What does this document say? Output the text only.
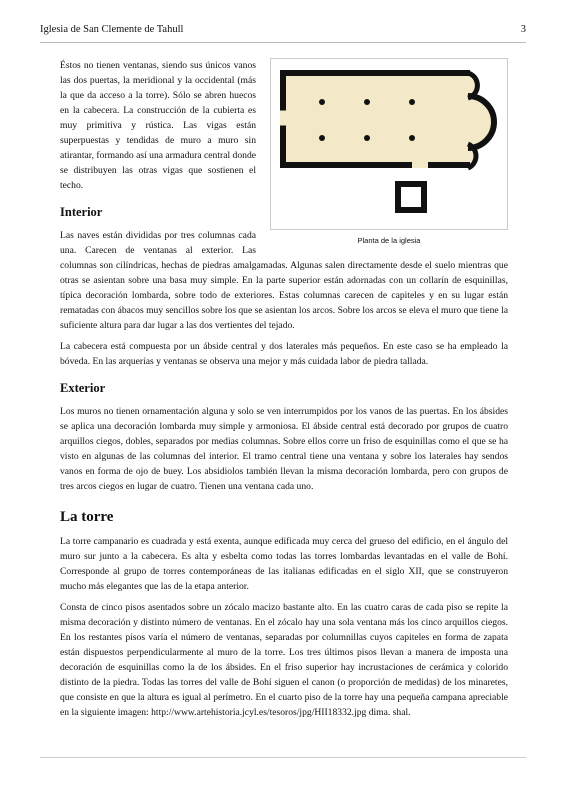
Iglesia de San Clemente de Tahull	3
Planta de la iglesia

Éstos no tienen ventanas, siendo sus únicos vanos las dos puertas, la meridional y la occidental (más la que da acceso a la torre). Sólo se abren huecos en la cabecera. La construcción de la cubierta es muy primitiva y rústica. Las vigas están superpuestas y tendidas de muro a muro sin atirantar, formando así una armadura central donde se distribuyen las otras vigas que sostienen el techo.

Interior

Las naves están divididas por tres columnas cada una. Carecen de ventanas al exterior. Las columnas son cilíndricas, hechas de piedras amalgamadas. Algunas salen directamente desde el suelo mientras que otras se asientan sobre una basa muy simple. En la parte superior están adornadas con un collarín de esquinillas, típica decoración lombarda, sobre todo de exteriores. Estas columnas carecen de capiteles y en su lugar están rematadas con ábacos muy sencillos sobre los que se asientan los arcos. Sobre los arcos se eleva el muro que tiene la suficiente altura para dar lugar a las dos vertientes del tejado.

La cabecera está compuesta por un ábside central y dos laterales más pequeños. En este caso se ha empleado la bóveda. En las arquerías y ventanas se observa una mejor y más cuidada labor de piedra tallada.

Exterior

Los muros no tienen ornamentación alguna y solo se ven interrumpidos por los vanos de las puertas. En los ábsides se aplica una decoración lombarda muy simple y armoniosa. El ábside central está decorado por grupos de cuatro arquillos ciegos, dobles, separados por medias columnas. Sobre ellos corre un friso de esquinillas como el que se ha visto en algunas de las columnas del interior. El tramo central tiene una ventana y sobre los laterales hay sendos vanos en forma de ojo de buey. Los absidiolos también llevan la misma decoración lombarda, pero con grupos de tres arcos ciegos en lugar de cuatro. Tienen una ventana cada uno.

La torre

La torre campanario es cuadrada y está exenta, aunque edificada muy cerca del grueso del edificio, en el ángulo del muro sur junto a la cabecera. Es alta y esbelta como todas las torres lombardas levantadas en el valle de Bohí. Corresponde al grupo de torres contemporáneas de las italianas edificadas en el siglo XII, que se construyeron mucho más elegantes que las de la etapa anterior.

Consta de cinco pisos asentados sobre un zócalo macizo bastante alto. En las cuatro caras de cada piso se repite la misma decoración y distinto número de ventanas. En el zócalo hay una sola ventana más los cinco arquillos ciegos. En los restantes pisos varía el número de ventanas, separadas por columnillas cuyos capiteles en forma de zapata están dispuestos perpendicularmente al muro de la torre. Los tres últimos pisos llevan a manera de imposta una decoración de esquinillas como la de los ábsides. En el friso superior hay incrustaciones de cerámica y colorido distinto de la piedra. Todas las torres del valle de Bohí siguen el canon (o proporción de medidas) de los minaretes, que consiste en que la altura es igual al perímetro. En el cuarto piso de la torre hay una pequeña campana apreciable en la siguiente imagen: http://www.artehistoria.jcyl.es/tesoros/jpg/HII18332.jpg dima. shal.
